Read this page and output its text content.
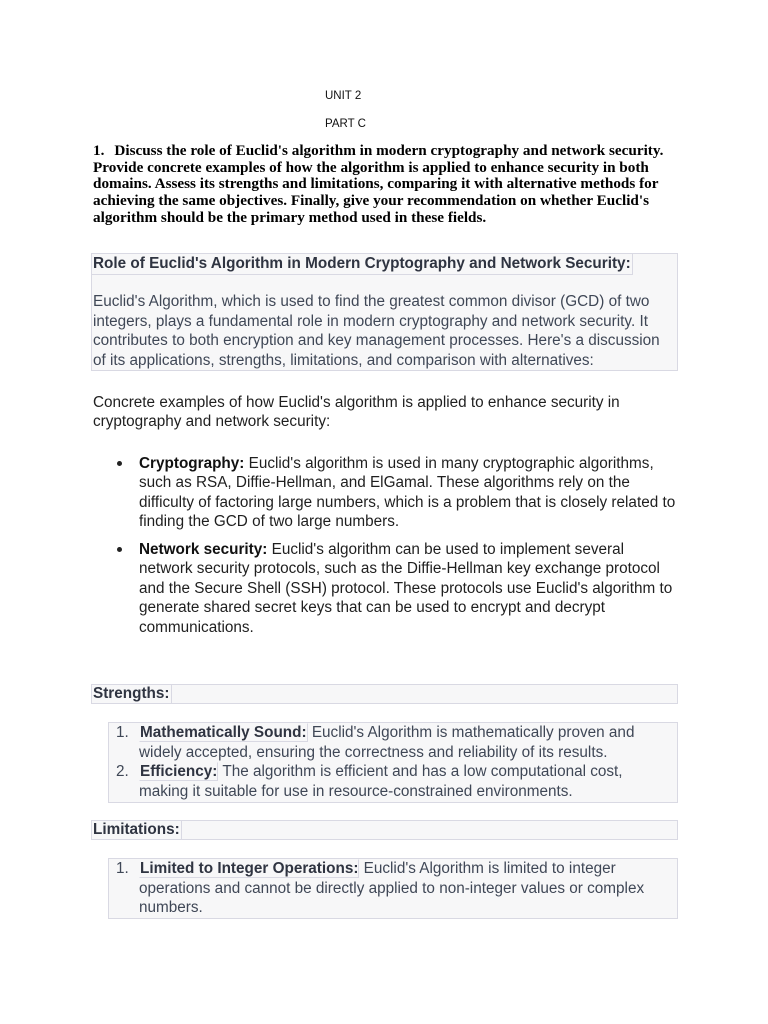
UNIT 2
PART C

1. Discuss the role of Euclid's algorithm in modern cryptography and network security. Provide concrete examples of how the algorithm is applied to enhance security in both domains. Assess its strengths and limitations, comparing it with alternative methods for achieving the same objectives. Finally, give your recommendation on whether Euclid's algorithm should be the primary method used in these fields.

Role of Euclid's Algorithm in Modern Cryptography and Network Security:

Euclid's Algorithm, which is used to find the greatest common divisor (GCD) of two integers, plays a fundamental role in modern cryptography and network security. It contributes to both encryption and key management processes. Here's a discussion of its applications, strengths, limitations, and comparison with alternatives:

Concrete examples of how Euclid's algorithm is applied to enhance security in cryptography and network security:

Cryptography: Euclid's algorithm is used in many cryptographic algorithms, such as RSA, Diffie-Hellman, and ElGamal. These algorithms rely on the difficulty of factoring large numbers, which is a problem that is closely related to finding the GCD of two large numbers.
Network security: Euclid's algorithm can be used to implement several network security protocols, such as the Diffie-Hellman key exchange protocol and the Secure Shell (SSH) protocol. These protocols use Euclid's algorithm to generate shared secret keys that can be used to encrypt and decrypt communications.
Strengths:
1. Mathematically Sound: Euclid's Algorithm is mathematically proven and widely accepted, ensuring the correctness and reliability of its results.
2. Efficiency: The algorithm is efficient and has a low computational cost, making it suitable for use in resource-constrained environments.
Limitations:
1. Limited to Integer Operations: Euclid's Algorithm is limited to integer operations and cannot be directly applied to non-integer values or complex numbers.
